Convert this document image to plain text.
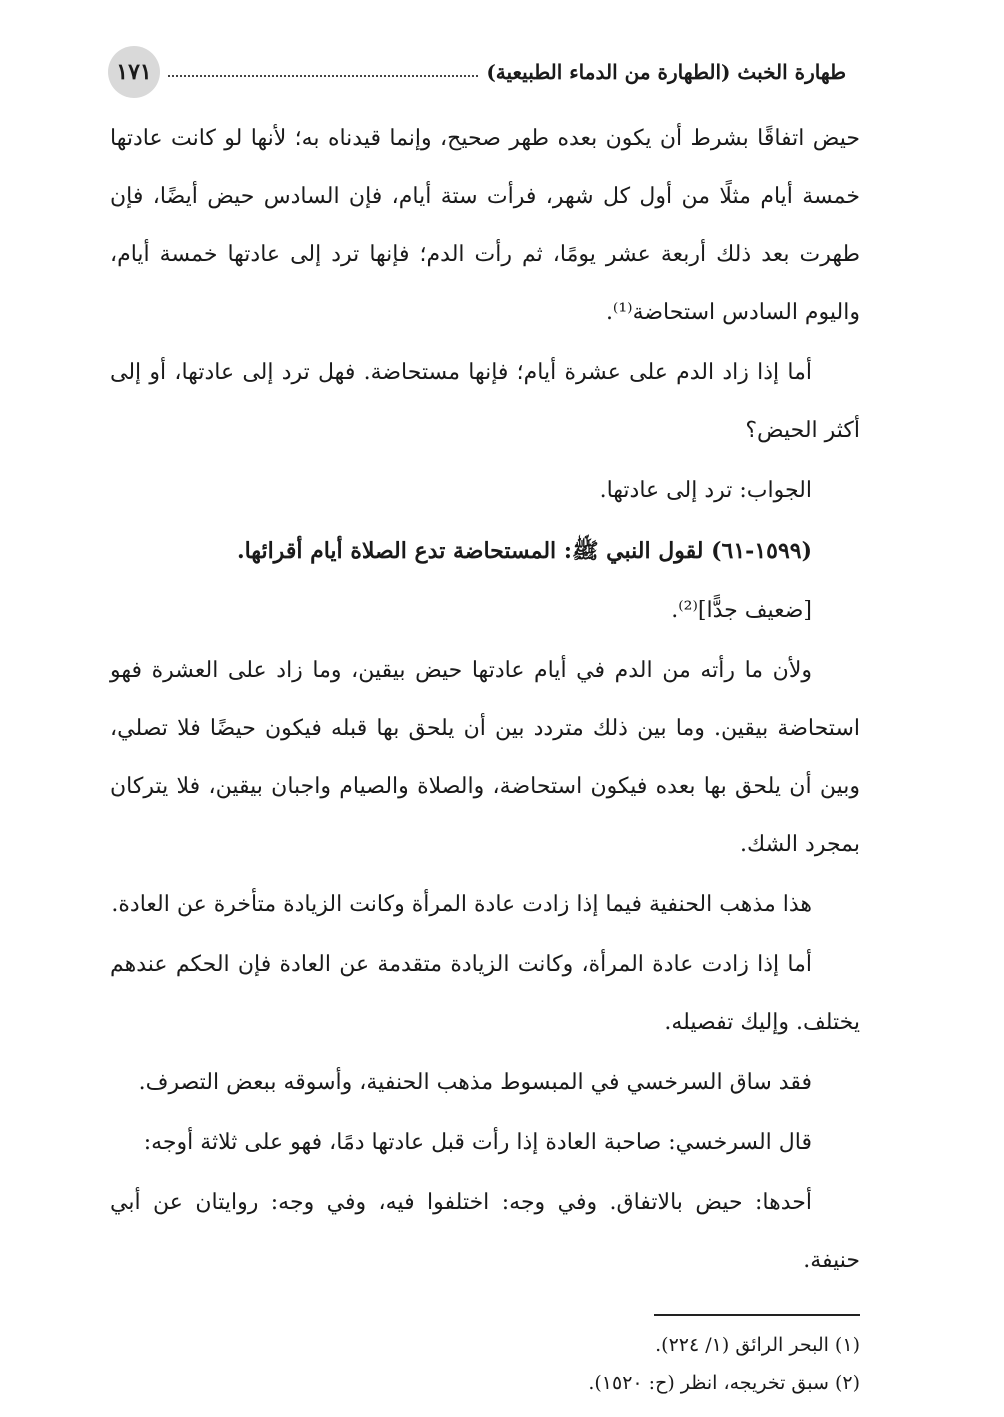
طهارة الخبث (الطهارة من الدماء الطبيعية)
١٧١

حيض اتفاقًا بشرط أن يكون بعده طهر صحيح، وإنما قيدناه به؛ لأنها لو كانت عادتها خمسة أيام مثلًا من أول كل شهر، فرأت ستة أيام، فإن السادس حيض أيضًا، فإن طهرت بعد ذلك أربعة عشر يومًا، ثم رأت الدم؛ فإنها ترد إلى عادتها خمسة أيام، واليوم السادس استحاضة⁽¹⁾.

أما إذا زاد الدم على عشرة أيام؛ فإنها مستحاضة. فهل ترد إلى عادتها، أو إلى أكثر الحيض؟

الجواب: ترد إلى عادتها.

(١٥٩٩-٦١) لقول النبي ﷺ: المستحاضة تدع الصلاة أيام أقرائها.

[ضعيف جدًّا]⁽²⁾.

ولأن ما رأته من الدم في أيام عادتها حيض بيقين، وما زاد على العشرة فهو استحاضة بيقين. وما بين ذلك متردد بين أن يلحق بها قبله فيكون حيضًا فلا تصلي، وبين أن يلحق بها بعده فيكون استحاضة، والصلاة والصيام واجبان بيقين، فلا يتركان بمجرد الشك.

هذا مذهب الحنفية فيما إذا زادت عادة المرأة وكانت الزيادة متأخرة عن العادة.

أما إذا زادت عادة المرأة، وكانت الزيادة متقدمة عن العادة فإن الحكم عندهم يختلف. وإليك تفصيله.

فقد ساق السرخسي في المبسوط مذهب الحنفية، وأسوقه ببعض التصرف.

قال السرخسي: صاحبة العادة إذا رأت قبل عادتها دمًا، فهو على ثلاثة أوجه:

أحدها: حيض بالاتفاق. وفي وجه: اختلفوا فيه، وفي وجه: روايتان عن أبي حنيفة.

(١) البحر الرائق (١/ ٢٢٤).
(٢) سبق تخريجه، انظر (ح: ١٥٢٠).
